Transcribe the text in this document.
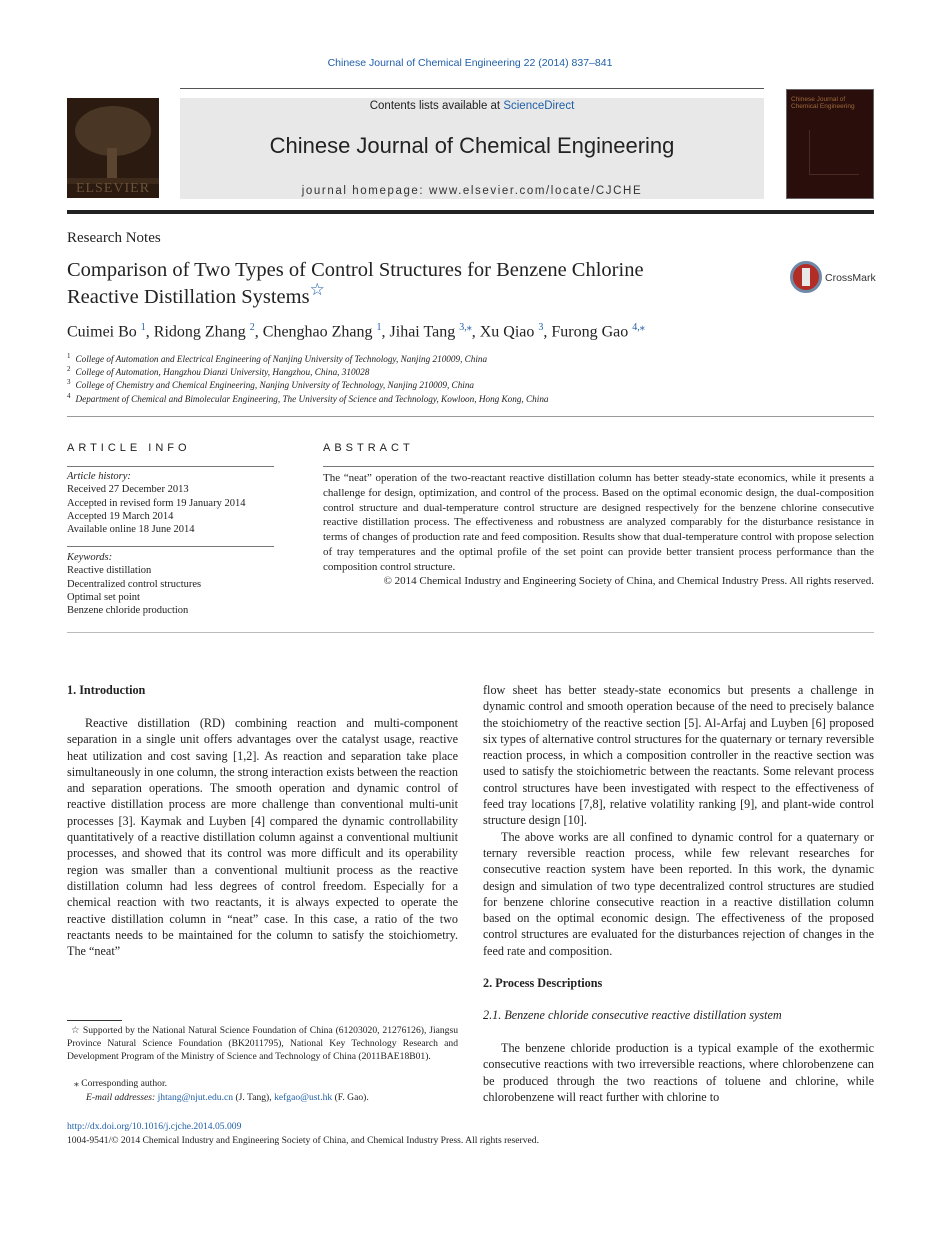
Chinese Journal of Chemical Engineering 22 (2014) 837–841
ELSEVIER
Contents lists available at ScienceDirect
Chinese Journal of Chemical Engineering
journal homepage: www.elsevier.com/locate/CJCHE
Chinese Journal of Chemical Engineering
Research Notes
Comparison of Two Types of Control Structures for Benzene Chlorine
Reactive Distillation Systems☆
CrossMark
Cuimei Bo $^1$, Ridong Zhang $^2$, Chenghao Zhang $^1$, Jihai Tang $^{3,⁎}$, Xu Qiao $^3$, Furong Gao $^{4,⁎}$
$^1$ College of Automation and Electrical Engineering of Nanjing University of Technology, Nanjing 210009, China
$^2$ College of Automation, Hangzhou Dianzi University, Hangzhou, China, 310028
$^3$ College of Chemistry and Chemical Engineering, Nanjing University of Technology, Nanjing 210009, China
$^4$ Department of Chemical and Bimolecular Engineering, The University of Science and Technology, Kowloon, Hong Kong, China
ARTICLE INFO
Article history:
Received 27 December 2013
Accepted in revised form 19 January 2014
Accepted 19 March 2014
Available online 18 June 2014
Keywords:
Reactive distillation
Decentralized control structures
Optimal set point
Benzene chloride production
ABSTRACT
The “neat” operation of the two-reactant reactive distillation column has better steady-state economics, while it presents a challenge for design, optimization, and control of the process. Based on the optimal economic design, the dual-composition control structure and dual-temperature control structure are designed respectively for the benzene chlorine consecutive reactive distillation process. The effectiveness and robustness are analyzed comparably for the disturbance resistance in terms of changes of production rate and feed composition. Results show that dual-temperature control with propose selection of tray temperatures and the optimal profile of the set point can provide better transient process performance than the composition control structure.
© 2014 Chemical Industry and Engineering Society of China, and Chemical Industry Press. All rights reserved.
1. Introduction

Reactive distillation (RD) combining reaction and multi-component separation in a single unit offers advantages over the catalyst usage, reactive heat utilization and cost saving [1,2]. As reaction and separation take place simultaneously in one column, the strong interaction exists between the reaction and separation operations. The smooth operation and dynamic control of reactive distillation process are more challenge than conventional multi-unit processes [3]. Kaymak and Luyben [4] compared the dynamic controllability quantitatively of a reactive distillation column against a conventional multiunit processes, and showed that its control was more difficult and its operability region was smaller than a conventional multiunit process as the reactive distillation column had less degrees of control freedom. Especially for a chemical reaction with two reactants, it is always expected to operate the reactive distillation column in “neat” case. In this case, a ratio of the two reactants needs to be maintained for the column to satisfy the stoichiometry. The “neat”

☆ Supported by the National Natural Science Foundation of China (61203020, 21276126), Jiangsu Province Natural Science Foundation (BK2011795), National Key Technology Research and Development Program of the Ministry of Science and Technology of China (2011BAE18B01).
⁎ Corresponding author.
E-mail addresses: jhtang@njut.edu.cn (J. Tang), kefgao@ust.hk (F. Gao).
flow sheet has better steady-state economics but presents a challenge in dynamic control and smooth operation because of the need to precisely balance the stoichiometry of the reactive section [5]. Al-Arfaj and Luyben [6] proposed six types of alternative control structures for the quaternary or ternary reversible reaction process, in which a composition controller in the reactive section was used to satisfy the stoichiometric between the reactants. Some relevant process control structures have been investigated with respect to the effectiveness of feed tray locations [7,8], relative volatility ranking [9], and plant-wide control structure design [10].

The above works are all confined to dynamic control for a quaternary or ternary reversible reaction process, while few relevant researches for consecutive reaction system have been reported. In this work, the dynamic design and simulation of two type decentralized control structures are studied for benzene chlorine consecutive reaction in a reactive distillation column based on the optimal economic design. The effectiveness of the proposed control structures are evaluated for the disturbances rejection of changes in the feed rate and composition.

2. Process Descriptions
2.1. Benzene chloride consecutive reactive distillation system

The benzene chloride production is a typical example of the exothermic consecutive reactions with two irreversible reactions, where chlorobenzene can be produced through the two reactions of toluene and chlorine, while chlorobenzene will react further with chlorine to

http://dx.doi.org/10.1016/j.cjche.2014.05.009
1004-9541/© 2014 Chemical Industry and Engineering Society of China, and Chemical Industry Press. All rights reserved.
